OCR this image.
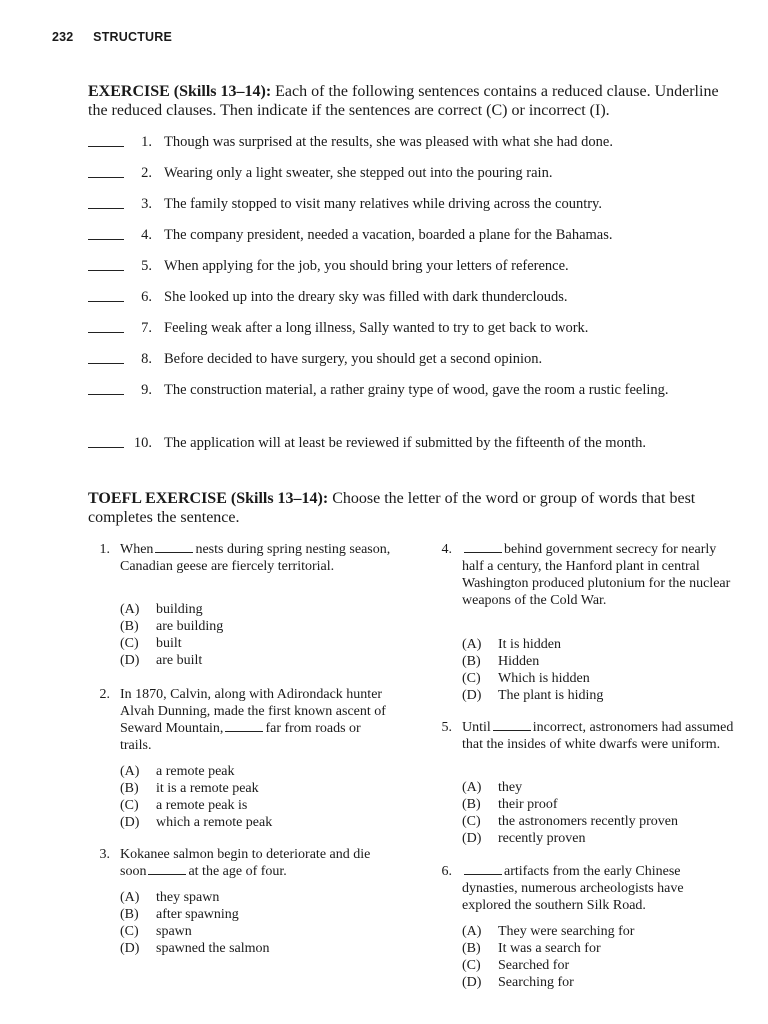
232 STRUCTURE
EXERCISE (Skills 13–14): Each of the following sentences contains a reduced clause. Underline the reduced clauses. Then indicate if the sentences are correct (C) or incorrect (I).
1. Though was surprised at the results, she was pleased with what she had done.
2. Wearing only a light sweater, she stepped out into the pouring rain.
3. The family stopped to visit many relatives while driving across the country.
4. The company president, needed a vacation, boarded a plane for the Bahamas.
5. When applying for the job, you should bring your letters of reference.
6. She looked up into the dreary sky was filled with dark thunderclouds.
7. Feeling weak after a long illness, Sally wanted to try to get back to work.
8. Before decided to have surgery, you should get a second opinion.
9. The construction material, a rather grainy type of wood, gave the room a rustic feeling.
10. The application will at least be reviewed if submitted by the fifteenth of the month.
TOEFL EXERCISE (Skills 13–14): Choose the letter of the word or group of words that best completes the sentence.
1. When	nests during spring nesting season, Canadian geese are fiercely territorial.
(A) building
(B) are building
(C) built
(D) are built
2. In 1870, Calvin, along with Adirondack hunter Alvah Dunning, made the first known ascent of Seward Mountain,	far from roads or trails.
(A) a remote peak
(B) it is a remote peak
(C) a remote peak is
(D) which a remote peak
3. Kokanee salmon begin to deteriorate and die soon	at the age of four.
(A) they spawn
(B) after spawning
(C) spawn
(D) spawned the salmon
4.	behind government secrecy for nearly half a century, the Hanford plant in central Washington produced plutonium for the nuclear weapons of the Cold War.
(A) It is hidden
(B) Hidden
(C) Which is hidden
(D) The plant is hiding
5. Until	incorrect, astronomers had assumed that the insides of white dwarfs were uniform.
(A) they
(B) their proof
(C) the astronomers recently proven
(D) recently proven
6.	artifacts from the early Chinese dynasties, numerous archeologists have explored the southern Silk Road.
(A) They were searching for
(B) It was a search for
(C) Searched for
(D) Searching for
